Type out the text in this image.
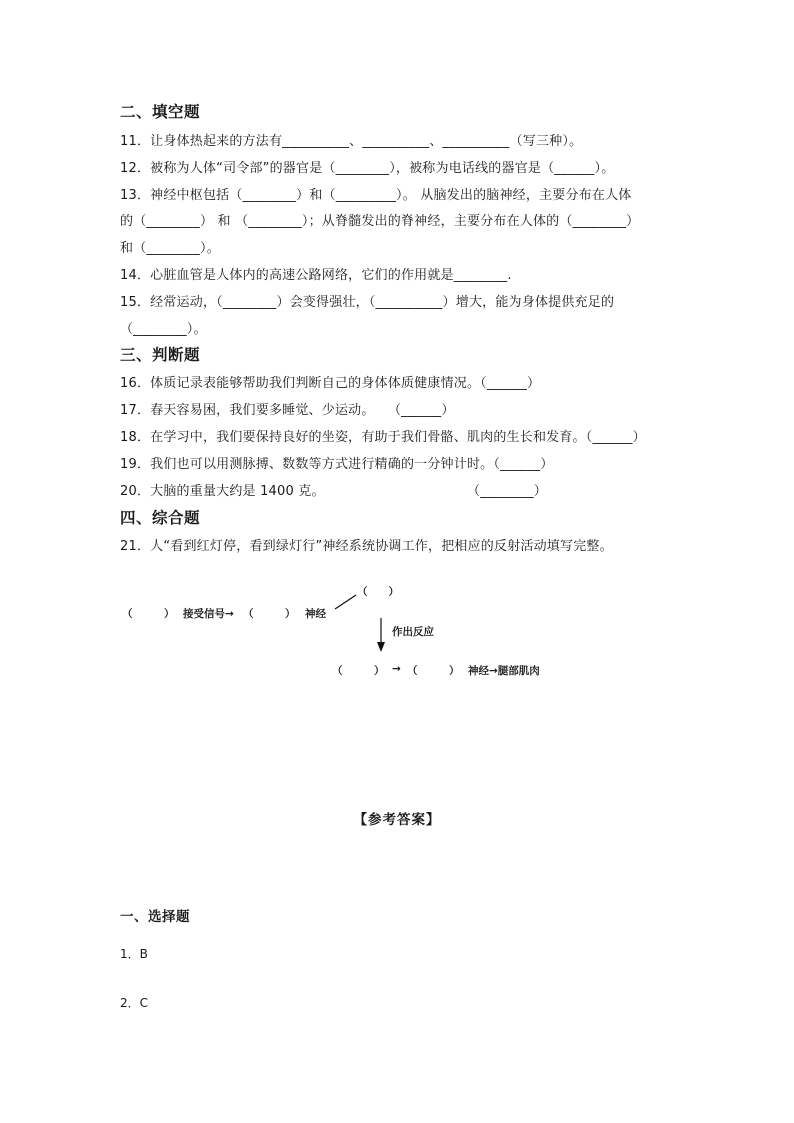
二、填空题
11．让身体热起来的方法有__________、__________、__________（写三种）。
12．被称为人体“司令部”的器官是（________），被称为电话线的器官是（______）。
13．神经中枢包括（________）和（_________）。 从脑发出的脑神经，主要分布在人体
的（________） 和 （________）；从脊髓发出的脊神经，主要分布在人体的（________）
和（________）。
14．心脏血管是人体内的高速公路网络，它们的作用就是________.
15．经常运动，（________）会变得强壮，（__________）增大，能为身体提供充足的
（________）。
三、判断题
16．体质记录表能够帮助我们判断自己的身体体质健康情况。（______）
17．春天容易困，我们要多睡觉、少运动。　　（______）
18．在学习中，我们要保持良好的坐姿，有助于我们骨骼、肌肉的生长和发育。（______）
19．我们也可以用测脉搏、数数等方式进行精确的一分钟计时。（______）
20．大脑的重量大约是 1400 克。	（________）
四、综合题
21．人“看到红灯停，看到绿灯行”神经系统协调工作，把相应的反射活动填写完整。
（　　）
（　　　） 接受信号→ （　　　） 神经
作出反应
（　　　） → （　　　） 神经→腿部肌肉
【参考答案】
一、选择题
1．B
2．C
